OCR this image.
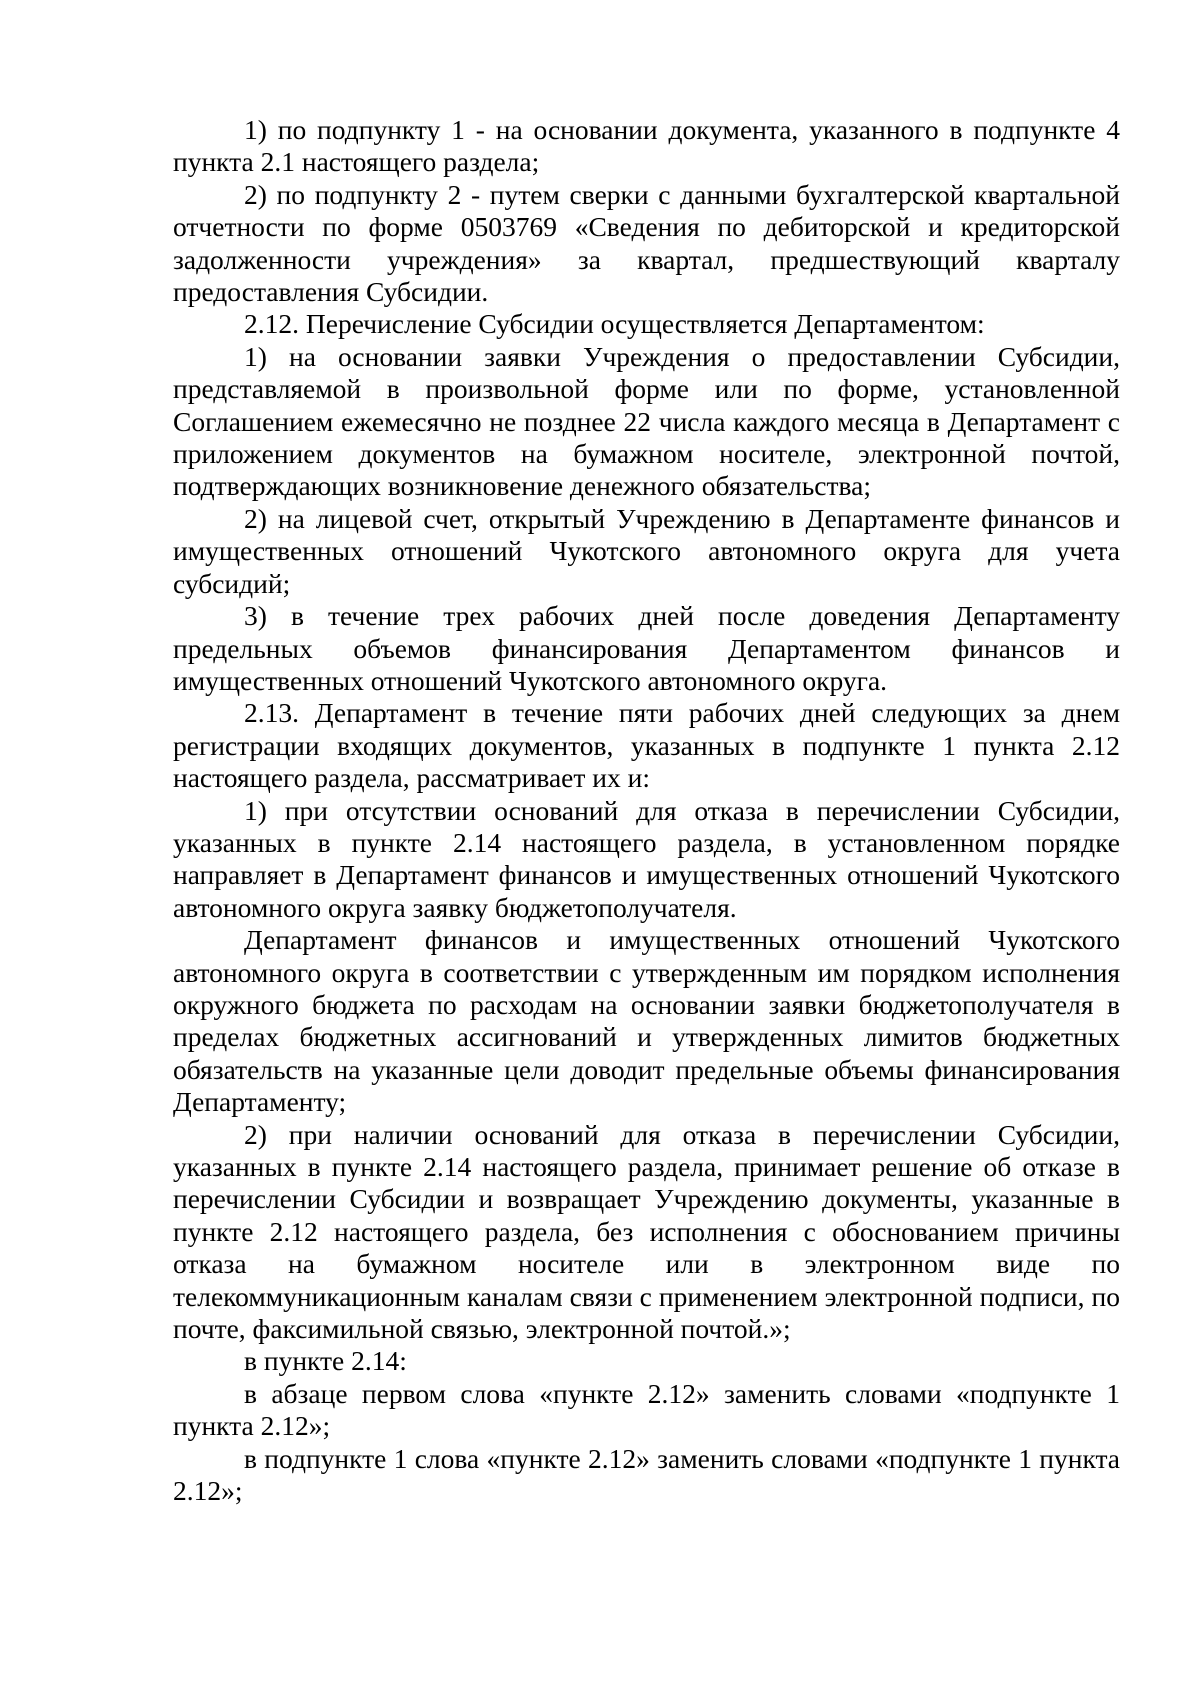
1) по подпункту 1 - на основании документа, указанного в подпункте 4 пункта 2.1 настоящего раздела;

2) по подпункту 2 - путем сверки с данными бухгалтерской квартальной отчетности по форме 0503769 «Сведения по дебиторской и кредиторской задолженности учреждения» за квартал, предшествующий кварталу предоставления Субсидии.

2.12. Перечисление Субсидии осуществляется Департаментом:

1) на основании заявки Учреждения о предоставлении Субсидии, представляемой в произвольной форме или по форме, установленной Соглашением ежемесячно не позднее 22 числа каждого месяца в Департамент с приложением документов на бумажном носителе, электронной почтой, подтверждающих возникновение денежного обязательства;

2) на лицевой счет, открытый Учреждению в Департаменте финансов и имущественных отношений Чукотского автономного округа для учета субсидий;

3) в течение трех рабочих дней после доведения Департаменту предельных объемов финансирования Департаментом финансов и имущественных отношений Чукотского автономного округа.

2.13. Департамент в течение пяти рабочих дней следующих за днем регистрации входящих документов, указанных в подпункте 1 пункта 2.12 настоящего раздела, рассматривает их и:

1) при отсутствии оснований для отказа в перечислении Субсидии, указанных в пункте 2.14 настоящего раздела, в установленном порядке направляет в Департамент финансов и имущественных отношений Чукотского автономного округа заявку бюджетополучателя.

Департамент финансов и имущественных отношений Чукотского автономного округа в соответствии с утвержденным им порядком исполнения окружного бюджета по расходам на основании заявки бюджетополучателя в пределах бюджетных ассигнований и утвержденных лимитов бюджетных обязательств на указанные цели доводит предельные объемы финансирования Департаменту;

2) при наличии оснований для отказа в перечислении Субсидии, указанных в пункте 2.14 настоящего раздела, принимает решение об отказе в перечислении Субсидии и возвращает Учреждению документы, указанные в пункте 2.12 настоящего раздела, без исполнения с обоснованием причины отказа на бумажном носителе или в электронном виде по телекоммуникационным каналам связи с применением электронной подписи, по почте, факсимильной связью, электронной почтой.»;

в пункте 2.14:

в абзаце первом слова «пункте 2.12» заменить словами «подпункте 1 пункта 2.12»;

в подпункте 1 слова «пункте 2.12» заменить словами «подпункте 1 пункта 2.12»;
